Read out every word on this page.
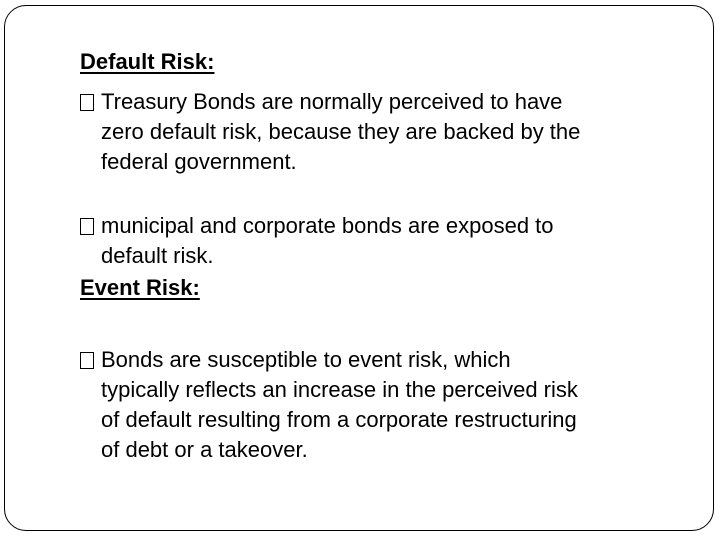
Default Risk:
Treasury Bonds are normally perceived to have
zero default risk, because they are backed by the
federal government.
municipal and corporate bonds are exposed to
default risk.
Event Risk:
Bonds are susceptible to event risk, which
typically reflects an increase in the perceived risk
of default resulting from a corporate restructuring
of debt or a takeover.
